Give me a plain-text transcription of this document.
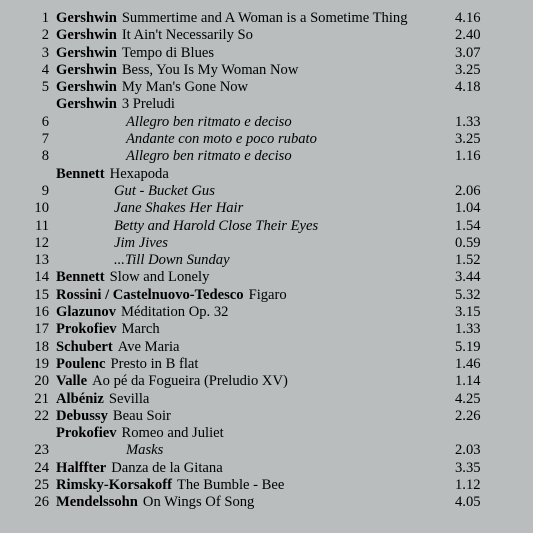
1 Gershwin Summertime and A Woman is a Sometime Thing	4.16
2 Gershwin It Ain't Necessarily So	2.40
3 Gershwin Tempo di Blues	3.07
4 Gershwin Bess, You Is My Woman Now	3.25
5 Gershwin My Man's Gone Now	4.18
Gershwin 3 Preludi
6	Allegro ben ritmato e deciso	1.33
7	Andante con moto e poco rubato	3.25
8	Allegro ben ritmato e deciso	1.16
Bennett Hexapoda
9	Gut - Bucket Gus	2.06
10	Jane Shakes Her Hair	1.04
11	Betty and Harold Close Their Eyes	1.54
12	Jim Jives	0.59
13	...Till Down Sunday	1.52
14 Bennett Slow and Lonely	3.44
15 Rossini / Castelnuovo-Tedesco Figaro	5.32
16 Glazunov Méditation Op. 32	3.15
17 Prokofiev March	1.33
18 Schubert Ave Maria	5.19
19 Poulenc Presto in B flat	1.46
20 Valle Ao pé da Fogueira (Preludio XV)	1.14
21 Albéniz Sevilla	4.25
22 Debussy Beau Soir	2.26
Prokofiev Romeo and Juliet
23	Masks	2.03
24 Halffter Danza de la Gitana	3.35
25 Rimsky-Korsakoff The Bumble - Bee	1.12
26 Mendelssohn On Wings Of Song	4.05
